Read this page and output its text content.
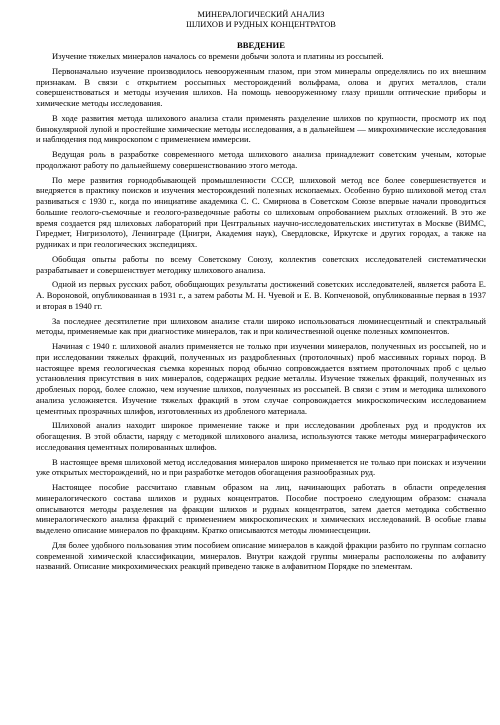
МИНЕРАЛОГИЧЕСКИЙ АНАЛИЗ
ШЛИХОВ И РУДНЫХ КОНЦЕНТРАТОВ
ВВЕДЕНИЕ
Изучение тяжелых минералов началось со времени добычи золота и платины из россыпей.
Первоначально изучение производилось невооруженным глазом, при этом минералы определялись по их внешним признакам. В связи с открытием россыпных месторождений вольфрама, олова и других металлов, стали совершенствоваться и методы изучения шлихов. На помощь невооруженному глазу пришли оптические приборы и химические методы исследования.
В ходе развития метода шлихового анализа стали применять разделение шлихов по крупности, просмотр их под бинокулярной лупой и простейшие химические методы исследования, а в дальнейшем — микрохимические исследования и наблюдения под микроскопом с применением иммерсии.
Ведущая роль в разработке современного метода шлихового анализа принадлежит советским ученым, которые продолжают работу по дальнейшему совершенствованию этого метода.
По мере развития горнодобывающей промышленности СССР, шлиховой метод все более совершенствуется и внедряется в практику поисков и изучения месторождений полезных ископаемых. Особенно бурно шлиховой метод стал развиваться с 1930 г., когда по инициативе академика С. С. Смирнова в Советском Союзе впервые начали проводиться большие геолого-съемочные и геолого-разведочные работы со шлиховым опробованием рыхлых отложений. В это же время создается ряд шлиховых лабораторий при Центральных научно-исследовательских институтах в Москве (ВИМС, Гиредмет, Нигризолото), Ленинграде (Цнигри, Академия наук), Свердловске, Иркутске и других городах, а также на рудниках и при геологических экспедициях.
Обобщая опыты работы по всему Советскому Союзу, коллектив советских исследователей систематически разрабатывает и совершенствует методику шлихового анализа.
Одной из первых русских работ, обобщающих результаты достижений советских исследователей, является работа Е. А. Вороновой, опубликованная в 1931 г., а затем работы М. Н. Чуевой и Е. В. Копченовой, опубликованные первая в 1937 и вторая в 1940 гг.
За последнее десятилетие при шлиховом анализе стали широко использоваться люминесцентный и спектральный методы, применяемые как при диагностике минералов, так и при количественной оценке полезных компонентов.
Начиная с 1940 г. шлиховой анализ применяется не только при изучении минералов, полученных из россыпей, но и при исследовании тяжелых фракций, полученных из раздробленных (протолочных) проб массивных горных пород. В настоящее время геологическая съемка коренных пород обычно сопровождается взятием протолочных проб с целью установления присутствия в них минералов, содержащих редкие металлы. Изучение тяжелых фракций, полученных из дробленых пород, более сложно, чем изучение шлихов, полученных из россыпей. В связи с этим и методика шлихового анализа усложняется. Изучение тяжелых фракций в этом случае сопровождается микроскопическим исследованием цементных прозрачных шлифов, изготовленных из дробленого материала.
Шлиховой анализ находит широкое применение также и при исследовании дробленых руд и продуктов их обогащения. В этой области, наряду с методикой шлихового анализа, используются также методы минераграфического исследования цементных полированных шлифов.
В настоящее время шлиховой метод исследования минералов широко применяется не только при поисках и изучении уже открытых месторождений, но и при разработке методов обогащения разнообразных руд.
Настоящее пособие рассчитано главным образом на лиц, начинающих работать в области определения минералогического состава шлихов и рудных концентратов. Пособие построено следующим образом: сначала описываются методы разделения на фракции шлихов и рудных концентратов, затем дается методика собственно минералогического анализа фракций с применением микроскопических и химических исследований. В особые главы выделено описание минералов по фракциям. Кратко описываются методы люминесценции.
Для более удобного пользования этим пособием описание минералов в каждой фракции разбито по группам согласно современной химической классификации, минералов. Внутри каждой группы минералы расположены по алфавиту названий. Описание микрохимических реакций приведено также в алфавитном Порядке по элементам.
